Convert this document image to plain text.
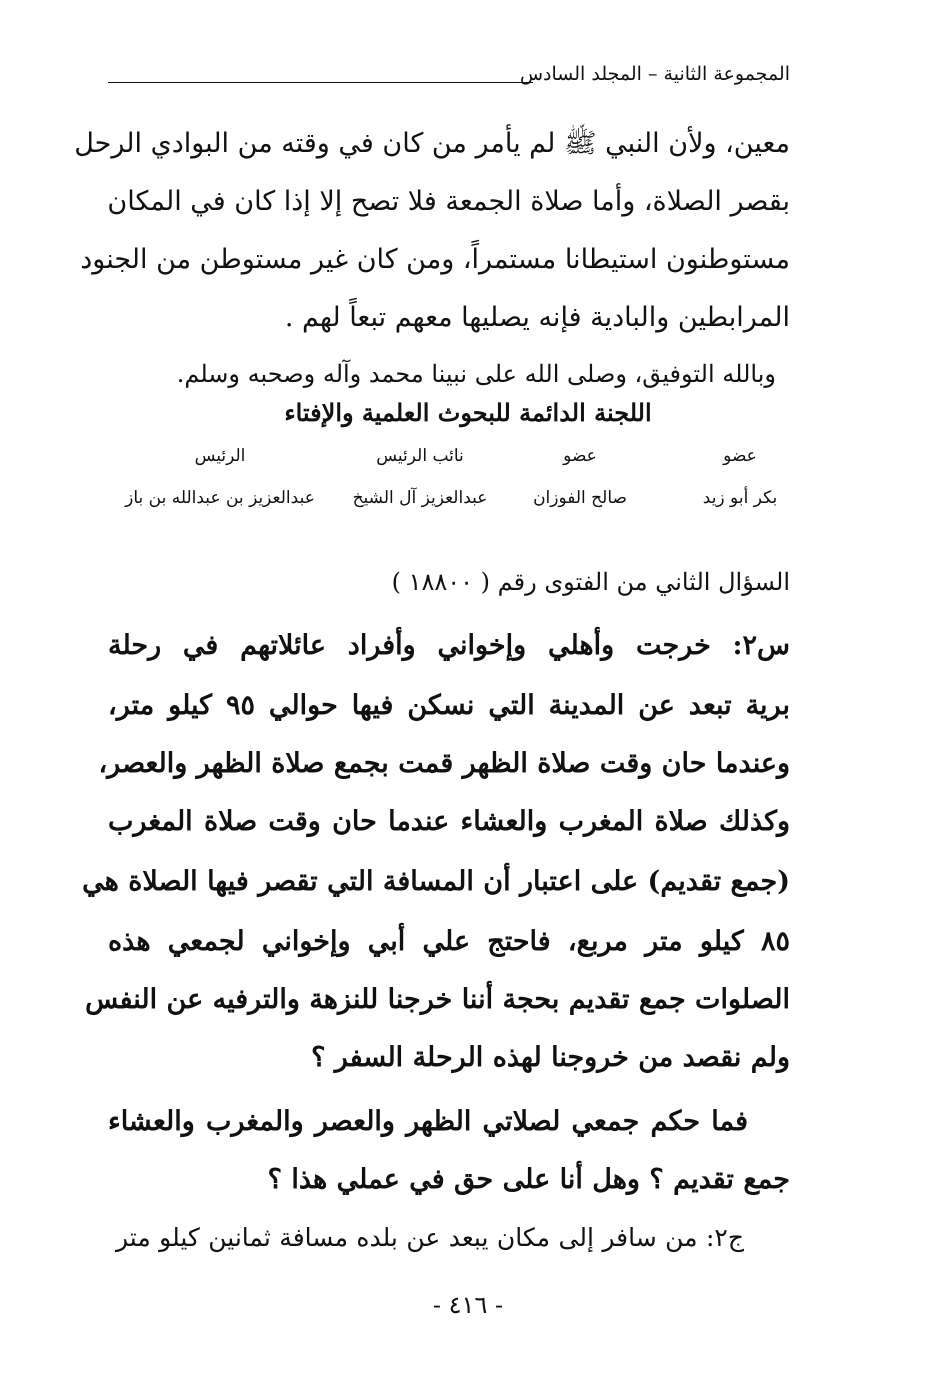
المجموعة الثانية – المجلد السادس
معين، ولأن النبي ﷺ لم يأمر من كان في وقته من البوادي الرحل
بقصر الصلاة، وأما صلاة الجمعة فلا تصح إلا إذا كان في المكان
مستوطنون استيطانا مستمراً، ومن كان غير مستوطن من الجنود
المرابطين والبادية فإنه يصليها معهم تبعاً لهم .
وبالله التوفيق، وصلى الله على نبينا محمد وآله وصحبه وسلم.
اللجنة الدائمة للبحوث العلمية والإفتاء
عضو
عضو
نائب الرئيس
الرئيس
بكر أبو زيد
صالح الفوزان
عبدالعزيز آل الشيخ
عبدالعزيز بن عبدالله بن باز
السؤال الثاني من الفتوى رقم ( ١٨٨٠٠ )
س٢: خرجت وأهلي وإخواني وأفراد عائلاتهم في رحلة
برية تبعد عن المدينة التي نسكن فيها حوالي ٩٥ كيلو متر،
وعندما حان وقت صلاة الظهر قمت بجمع صلاة الظهر والعصر،
وكذلك صلاة المغرب والعشاء عندما حان وقت صلاة المغرب
(جمع تقديم) على اعتبار أن المسافة التي تقصر فيها الصلاة هي
٨٥ كيلو متر مربع، فاحتج علي أبي وإخواني لجمعي هذه
الصلوات جمع تقديم بحجة أننا خرجنا للنزهة والترفيه عن النفس
ولم نقصد من خروجنا لهذه الرحلة السفر ؟
فما حكم جمعي لصلاتي الظهر والعصر والمغرب والعشاء
جمع تقديم ؟ وهل أنا على حق في عملي هذا ؟
ج٢: من سافر إلى مكان يبعد عن بلده مسافة ثمانين كيلو متر
- ٤١٦ -
